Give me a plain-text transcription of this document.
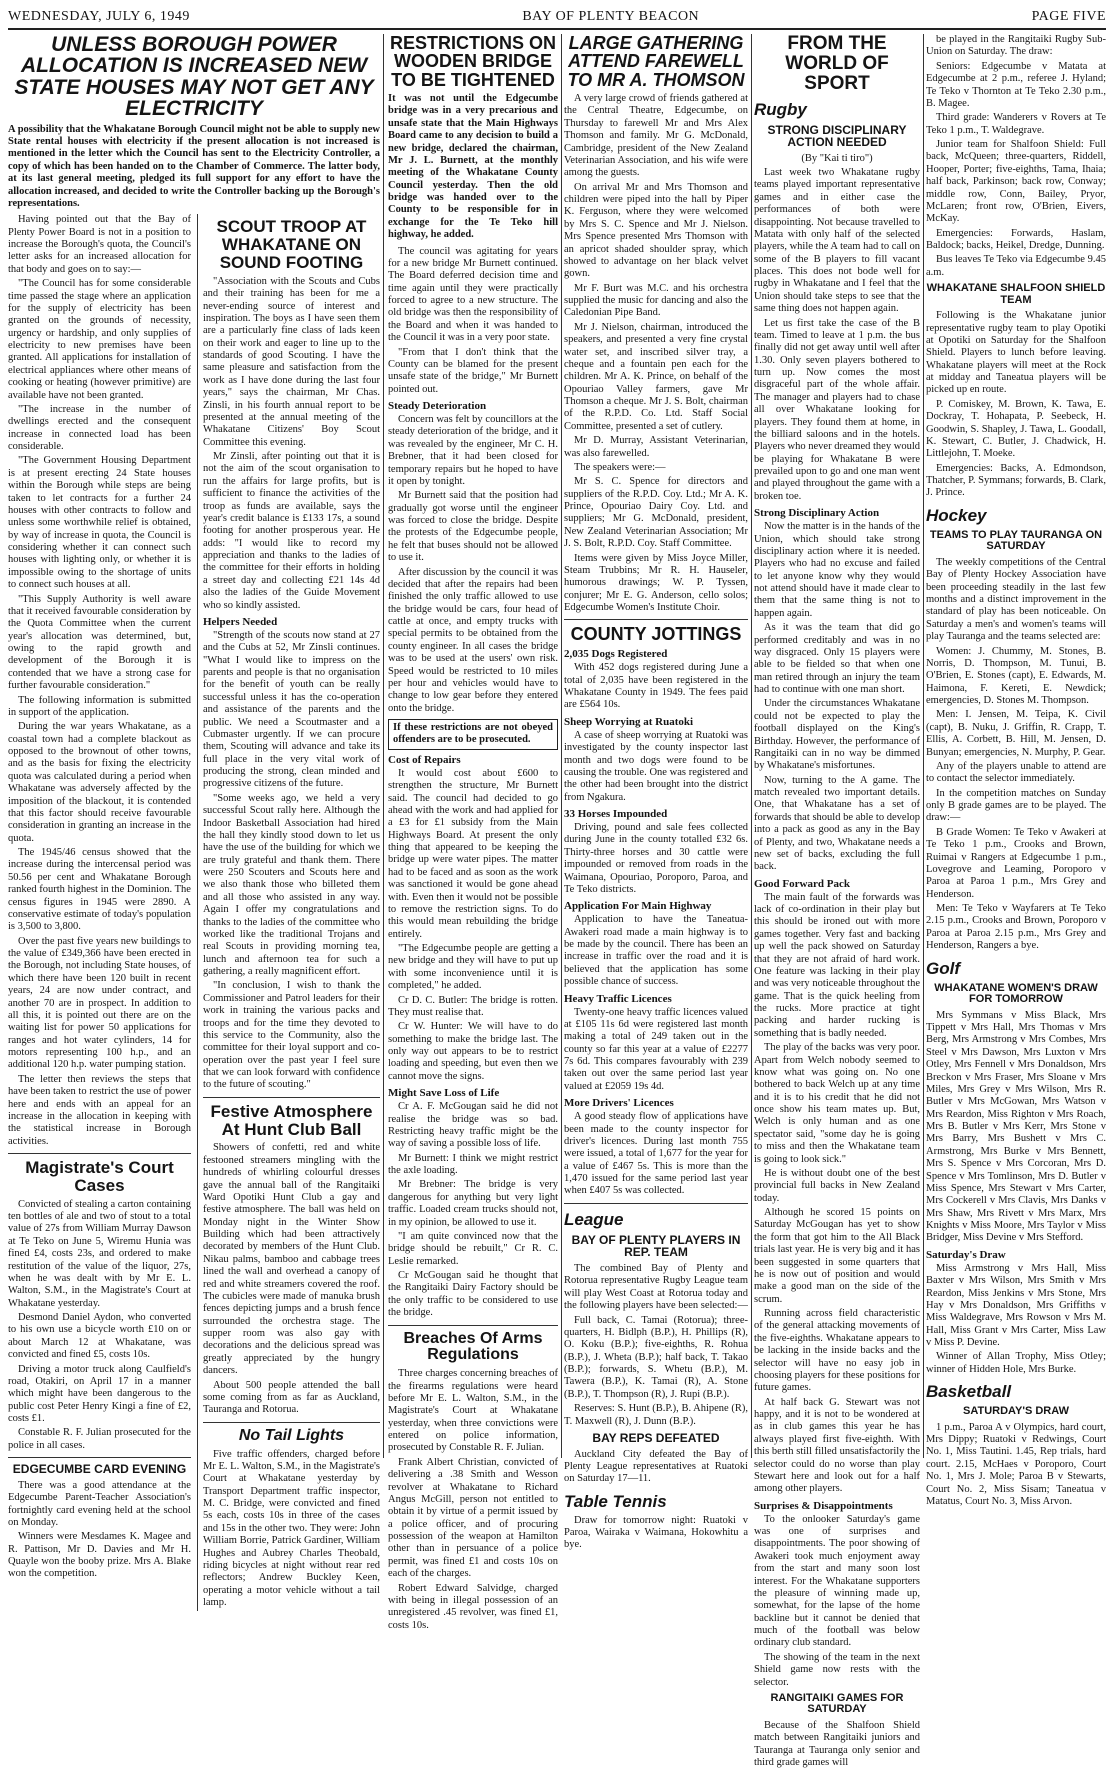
WEDNESDAY, JULY 6, 1949	BAY OF PLENTY BEACON	PAGE FIVE
UNLESS BOROUGH POWER ALLOCATION IS INCREASED NEW STATE HOUSES MAY NOT GET ANY ELECTRICITY
A possibility that the Whakatane Borough Council might not be able to supply new State rental houses with electricity if the present allocation is not increased is mentioned in the letter which the Council has sent to the Electricity Controller, a copy of which has been handed on to the Chamber of Commerce. The latter body, at its last general meeting, pledged its full support for any effort to have the allocation increased, and decided to write the Controller backing up the Borough's representations.

Having pointed out that the Bay of Plenty Power Board is not in a position to increase the Borough's quota, the Council's letter asks for an increased allocation for that body and goes on to say:—

"The Council has for some considerable time passed the stage where an application for the supply of electricity has been granted on the grounds of necessity, urgency or hardship, and only supplies of electricity to new premises have been granted. All applications for installation of electrical appliances where other means of cooking or heating (however primitive) are available have not been granted.

"The increase in the number of dwellings erected and the consequent increase in connected load has been considerable.

"The Government Housing Department is at present erecting 24 State houses within the Borough while steps are being taken to let contracts for a further 24 houses with other contracts to follow and unless some worthwhile relief is obtained, by way of increase in quota, the Council is considering whether it can connect such houses with lighting only, or whether it is impossible owing to the shortage of units to connect such houses at all.

"This Supply Authority is well aware that it received favourable consideration by the Quota Committee when the current year's allocation was determined, but, owing to the rapid growth and development of the Borough it is contended that we have a strong case for further favourable consideration."

The following information is submitted in support of the application.

During the war years Whakatane, as a coastal town had a complete blackout as opposed to the brownout of other towns, and as the basis for fixing the electricity quota was calculated during a period when Whakatane was adversely affected by the imposition of the blackout, it is contended that this factor should receive favourable consideration in granting an increase in the quota.

The 1945/46 census showed that the increase during the intercensal period was 50.56 per cent and Whakatane Borough ranked fourth highest in the Dominion. The census figures in 1945 were 2890. A conservative estimate of today's population is 3,500 to 3,800.

Over the past five years new buildings to the value of £349,366 have been erected in the Borough, not including State houses, of which there have been 120 built in recent years, 24 are now under contract, and another 70 are in prospect. In addition to all this, it is pointed out there are on the waiting list for power 50 applications for ranges and hot water cylinders, 14 for motors representing 100 h.p., and an additional 120 h.p. water pumping station.

The letter then reviews the steps that have been taken to restrict the use of power here and ends with an appeal for an increase in the allocation in keeping with the statistical increase in Borough activities.

Magistrate's Court Cases

Convicted of stealing a carton containing ten bottles of ale and two of stout to a total value of 27s from William Murray Dawson at Te Teko on June 5, Wiremu Hunia was fined £4, costs 23s, and ordered to make restitution of the value of the liquor, 27s, when he was dealt with by Mr E. L. Walton, S.M., in the Magistrate's Court at Whakatane yesterday.

Desmond Daniel Aydon, who converted to his own use a bicycle worth £10 on or about March 12 at Whakatane, was convicted and fined £5, costs 10s.

Driving a motor truck along Caulfield's road, Otakiri, on April 17 in a manner which might have been dangerous to the public cost Peter Henry Kingi a fine of £2, costs £1.

Constable R. F. Julian prosecuted for the police in all cases.

EDGECUMBE CARD EVENING

There was a good attendance at the Edgecumbe Parent-Teacher Association's fortnightly card evening held at the school on Monday.

Winners were Mesdames K. Magee and R. Pattison, Mr D. Davies and Mr H. Quayle won the booby prize. Mrs A. Blake won the competition.

SCOUT TROOP AT WHAKATANE ON SOUND FOOTING

"Association with the Scouts and Cubs and their training has been for me a never-ending source of interest and inspiration. The boys as I have seen them are a particularly fine class of lads keen on their work and eager to line up to the standards of good Scouting. I have the same pleasure and satisfaction from the work as I have done during the last four years," says the chairman, Mr Chas. Zinsli, in his fourth annual report to be presented at the annual meeting of the Whakatane Citizens' Boy Scout Committee this evening.

Mr Zinsli, after pointing out that it is not the aim of the scout organisation to run the affairs for large profits, but is sufficient to finance the activities of the troop as funds are available, says the year's credit balance is £133 17s, a sound footing for another prosperous year. He adds: "I would like to record my appreciation and thanks to the ladies of the committee for their efforts in holding a street day and collecting £21 14s 4d also the ladies of the Guide Movement who so kindly assisted.

Helpers Needed

"Strength of the scouts now stand at 27 and the Cubs at 52, Mr Zinsli continues. "What I would like to impress on the parents and people is that no organisation for the benefit of youth can be really successful unless it has the co-operation and assistance of the parents and the public. We need a Scoutmaster and a Cubmaster urgently. If we can procure them, Scouting will advance and take its full place in the very vital work of producing the strong, clean minded and progressive citizens of the future.

"Some weeks ago, we held a very successful Scout rally here. Although the Indoor Basketball Association had hired the hall they kindly stood down to let us have the use of the building for which we are truly grateful and thank them. There were 250 Scouters and Scouts here and we also thank those who billeted them and all those who assisted in any way. Again I offer my congratulations and thanks to the ladies of the committee who worked like the traditional Trojans and real Scouts in providing morning tea, lunch and afternoon tea for such a gathering, a really magnificent effort.

"In conclusion, I wish to thank the Commissioner and Patrol leaders for their work in training the various packs and troops and for the time they devoted to this service to the Community, also the committee for their loyal support and co-operation over the past year I feel sure that we can look forward with confidence to the future of scouting."

Festive Atmosphere At Hunt Club Ball

Showers of confetti, red and white festooned streamers mingling with the hundreds of whirling colourful dresses gave the annual ball of the Rangitaiki Ward Opotiki Hunt Club a gay and festive atmosphere. The ball was held on Monday night in the Winter Show Building which had been attractively decorated by members of the Hunt Club. Nikau palms, bamboo and cabbage trees lined the wall and overhead a canopy of red and white streamers covered the roof. The cubicles were made of manuka brush fences depicting jumps and a brush fence surrounded the orchestra stage. The supper room was also gay with decorations and the delicious spread was greatly appreciated by the hungry dancers.

About 500 people attended the ball some coming from as far as Auckland, Tauranga and Rotorua.

No Tail Lights

Five traffic offenders, charged before Mr E. L. Walton, S.M., in the Magistrate's Court at Whakatane yesterday by Transport Department traffic inspector, M. C. Bridge, were convicted and fined 5s each, costs 10s in three of the cases and 15s in the other two. They were: John William Borrie, Patrick Gardiner, William Hughes and Aubrey Charles Theobald, riding bicycles at night without rear red reflectors; Andrew Buckley Keen, operating a motor vehicle without a tail lamp.

RESTRICTIONS ON WOODEN BRIDGE TO BE TIGHTENED
It was not until the Edgecumbe bridge was in a very precarious and unsafe state that the Main Highways Board came to any decision to build a new bridge, declared the chairman, Mr J. L. Burnett, at the monthly meeting of the Whakatane County Council yesterday. Then the old bridge was handed over to the County to be responsible for in exchange for the Te Teko hill highway, he added.

The council was agitating for years for a new bridge Mr Burnett continued. The Board deferred decision time and time again until they were practically forced to agree to a new structure. The old bridge was then the responsibility of the Board and when it was handed to the Council it was in a very poor state.

"From that I don't think that the County can be blamed for the present unsafe state of the bridge," Mr Burnett pointed out.

Steady Deterioration

Concern was felt by councillors at the steady deterioration of the bridge, and it was revealed by the engineer, Mr C. H. Brebner, that it had been closed for temporary repairs but he hoped to have it open by tonight.

Mr Burnett said that the position had gradually got worse until the engineer was forced to close the bridge. Despite the protests of the Edgecumbe people, he felt that buses should not be allowed to use it.

After discussion by the council it was decided that after the repairs had been finished the only traffic allowed to use the bridge would be cars, four head of cattle at once, and empty trucks with special permits to be obtained from the county engineer. In all cases the bridge was to be used at the users' own risk. Speed would be restricted to 10 miles per hour and vehicles would have to change to low gear before they entered onto the bridge.

If these restrictions are not obeyed offenders are to be prosecuted.
Cost of Repairs

It would cost about £600 to strengthen the structure, Mr Burnett said. The council had decided to go ahead with the work and had applied for a £3 for £1 subsidy from the Main Highways Board. At present the only thing that appeared to be keeping the bridge up were water pipes. The matter had to be faced and as soon as the work was sanctioned it would be gone ahead with. Even then it would not be possible to remove the restriction signs. To do this would mean rebuilding the bridge entirely.

"The Edgecumbe people are getting a new bridge and they will have to put up with some inconvenience until it is completed," he added.

Cr D. C. Butler: The bridge is rotten. They must realise that.

Cr W. Hunter: We will have to do something to make the bridge last. The only way out appears to be to restrict loading and speeding, but even then we cannot move the signs.

Might Save Loss of Life

Cr A. F. McGougan said he did not realise the bridge was so bad. Restricting heavy traffic might be the way of saving a possible loss of life.

Mr Burnett: I think we might restrict the axle loading.

Mr Brebner: The bridge is very dangerous for anything but very light traffic. Loaded cream trucks should not, in my opinion, be allowed to use it.

"I am quite convinced now that the bridge should be rebuilt," Cr R. C. Leslie remarked.

Cr McGougan said he thought that the Rangitaiki Dairy Factory should be the only traffic to be considered to use the bridge.

Breaches Of Arms Regulations

Three charges concerning breaches of the firearms regulations were heard before Mr E. L. Walton, S.M., in the Magistrate's Court at Whakatane yesterday, when three convictions were entered on police information, prosecuted by Constable R. F. Julian.

Frank Albert Christian, convicted of delivering a .38 Smith and Wesson revolver at Whakatane to Richard Angus McGill, person not entitled to obtain it by virtue of a permit issued by a police officer, and of procuring possession of the weapon at Hamilton other than in persuance of a police permit, was fined £1 and costs 10s on each of the charges.

Robert Edward Salvidge, charged with being in illegal possession of an unregistered .45 revolver, was fined £1, costs 10s.

LARGE GATHERING ATTEND FAREWELL TO MR A. THOMSON

A very large crowd of friends gathered at the Central Theatre, Edgecumbe, on Thursday to farewell Mr and Mrs Alex Thomson and family. Mr G. McDonald, Cambridge, president of the New Zealand Veterinarian Association, and his wife were among the guests.

On arrival Mr and Mrs Thomson and children were piped into the hall by Piper K. Ferguson, where they were welcomed by Mrs S. C. Spence and Mr J. Nielson. Mrs Spence presented Mrs Thomson with an apricot shaded shoulder spray, which showed to advantage on her black velvet gown.

Mr F. Burt was M.C. and his orchestra supplied the music for dancing and also the Caledonian Pipe Band.

Mr J. Nielson, chairman, introduced the speakers, and presented a very fine crystal water set, and inscribed silver tray, a cheque and a fountain pen each for the children. Mr A. K. Prince, on behalf of the Opouriao Valley farmers, gave Mr Thomson a cheque. Mr J. S. Bolt, chairman of the R.P.D. Co. Ltd. Staff Social Committee, presented a set of cutlery.

Mr D. Murray, Assistant Veterinarian, was also farewelled.

The speakers were:—

Mr S. C. Spence for directors and suppliers of the R.P.D. Coy. Ltd.; Mr A. K. Prince, Opouriao Dairy Coy. Ltd. and suppliers; Mr G. McDonald, president, New Zealand Veterinarian Association; Mr J. S. Bolt, R.P.D. Coy. Staff Committee.

Items were given by Miss Joyce Miller, Steam Trubbins; Mr R. H. Hauseler, humorous drawings; W. P. Tyssen, conjurer; Mr E. G. Anderson, cello solos; Edgecumbe Women's Institute Choir.

COUNTY JOTTINGS
2,035 Dogs Registered

With 452 dogs registered during June a total of 2,035 have been registered in the Whakatane County in 1949. The fees paid are £564 10s.

Sheep Worrying at Ruatoki

A case of sheep worrying at Ruatoki was investigated by the county inspector last month and two dogs were found to be causing the trouble. One was registered and the other had been brought into the district from Ngakura.

33 Horses Impounded

Driving, pound and sale fees collected during June in the county totalled £32 6s. Thirty-three horses and 30 cattle were impounded or removed from roads in the Waimana, Opouriao, Poroporo, Paroa, and Te Teko districts.

Application For Main Highway

Application to have the Taneatua-Awakeri road made a main highway is to be made by the council. There has been an increase in traffic over the road and it is believed that the application has some possible chance of success.

Heavy Traffic Licences

Twenty-one heavy traffic licences valued at £105 11s 6d were registered last month making a total of 249 taken out in the county so far this year at a value of £2277 7s 6d. This compares favourably with 239 taken out over the same period last year valued at £2059 19s 4d.

More Drivers' Licences

A good steady flow of applications have been made to the county inspector for driver's licences. During last month 755 were issued, a total of 1,677 for the year for a value of £467 5s. This is more than the 1,470 issued for the same period last year when £407 5s was collected.

League
BAY OF PLENTY PLAYERS IN REP. TEAM

The combined Bay of Plenty and Rotorua representative Rugby League team will play West Coast at Rotorua today and the following players have been selected:—

Full back, C. Tamai (Rotorua); three-quarters, H. Bidlph (B.P.), H. Phillips (R), O. Koku (B.P.); five-eighths, R. Rohua (B.P.), J. Wheta (B.P.); half back, T. Takao (B.P.); forwards, S. Whetu (B.P.), M. Tawera (B.P.), K. Tamai (R), A. Stone (B.P.), T. Thompson (R), J. Rupi (B.P.).

Reserves: S. Hunt (B.P.), B. Ahipene (R), T. Maxwell (R), J. Dunn (B.P.).

BAY REPS DEFEATED

Auckland City defeated the Bay of Plenty League representatives at Ruatoki on Saturday 17—11.

Table Tennis

Draw for tomorrow night: Ruatoki v Paroa, Wairaka v Waimana, Hokowhitu a bye.

FROM THE WORLD OF SPORT
Rugby
STRONG DISCIPLINARY ACTION NEEDED
(By "Kai ti tiro")

Last week two Whakatane rugby teams played important representative games and in either case the performances of both were disappointing. Not because travelled to Matata with only half of the selected players, while the A team had to call on some of the B players to fill vacant places. This does not bode well for rugby in Whakatane and I feel that the Union should take steps to see that the same thing does not happen again.

Let us first take the case of the B team. Timed to leave at 1 p.m. the bus finally did not get away until well after 1.30. Only seven players bothered to turn up. Now comes the most disgraceful part of the whole affair. The manager and players had to chase all over Whakatane looking for players. They found them at home, in the billiard saloons and in the hotels. Players who never dreamed they would be playing for Whakatane B were prevailed upon to go and one man went and played throughout the game with a broken toe.

Strong Disciplinary Action

Now the matter is in the hands of the Union, which should take strong disciplinary action where it is needed. Players who had no excuse and failed to let anyone know why they would not attend should have it made clear to them that the same thing is not to happen again.

As it was the team that did go performed creditably and was in no way disgraced. Only 15 players were able to be fielded so that when one man retired through an injury the team had to continue with one man short.

Under the circumstances Whakatane could not be expected to play the football displayed on the King's Birthday. However, the performance of Rangitaiki can in no way be dimmed by Whakatane's misfortunes.

Now, turning to the A game. The match revealed two important details. One, that Whakatane has a set of forwards that should be able to develop into a pack as good as any in the Bay of Plenty, and two, Whakatane needs a new set of backs, excluding the full back.

Good Forward Pack

The main fault of the forwards was lack of co-ordination in their play but this should be ironed out with more games together. Very fast and backing up well the pack showed on Saturday that they are not afraid of hard work. One feature was lacking in their play and was very noticeable throughout the game. That is the quick heeling from the rucks. More practice at tight packing and harder rucking is something that is badly needed.

The play of the backs was very poor. Apart from Welch nobody seemed to know what was going on. No one bothered to back Welch up at any time and it is to his credit that he did not once show his team mates up. But, Welch is only human and as one spectator said, "some day he is going to miss and then the Whakatane team is going to look sick."

He is without doubt one of the best provincial full backs in New Zealand today.

Although he scored 15 points on Saturday McGougan has yet to show the form that got him to the All Black trials last year. He is very big and it has been suggested in some quarters that he is now out of position and would make a good man on the side of the scrum.

Running across field characteristic of the general attacking movements of the five-eighths. Whakatane appears to be lacking in the inside backs and the selector will have no easy job in choosing players for these positions for future games.

At half back G. Stewart was not happy, and it is not to be wondered at as in club games this year he has always played first five-eighth. With this berth still filled unsatisfactorily the selector could do no worse than play Stewart here and look out for a half among other players.

Surprises & Disappointments

To the onlooker Saturday's game was one of surprises and disappointments. The poor showing of Awakeri took much enjoyment away from the start and many soon lost interest. For the Whakatane supporters the pleasure of winning made up, somewhat, for the lapse of the home backline but it cannot be denied that much of the football was below ordinary club standard.

The showing of the team in the next Shield game now rests with the selector.

RANGITAIKI GAMES FOR SATURDAY

Because of the Shalfoon Shield match between Rangitaiki juniors and Tauranga at Tauranga only senior and third grade games will

be played in the Rangitaiki Rugby Sub-Union on Saturday. The draw:

Seniors: Edgecumbe v Matata at Edgecumbe at 2 p.m., referee J. Hyland; Te Teko v Thornton at Te Teko 2.30 p.m., B. Magee.

Third grade: Wanderers v Rovers at Te Teko 1 p.m., T. Waldegrave.

Junior team for Shalfoon Shield: Full back, McQueen; three-quarters, Riddell, Hooper, Porter; five-eighths, Tama, Ihaia; half back, Parkinson; back row, Conway; middle row, Conn, Bailey, Pryor, McLaren; front row, O'Brien, Eivers, McKay.

Emergencies: Forwards, Haslam, Baldock; backs, Heikel, Dredge, Dunning.

Bus leaves Te Teko via Edgecumbe 9.45 a.m.

WHAKATANE SHALFOON SHIELD TEAM

Following is the Whakatane junior representative rugby team to play Opotiki at Opotiki on Saturday for the Shalfoon Shield. Players to lunch before leaving. Whakatane players will meet at the Rock at midday and Taneatua players will be picked up en route.

P. Comiskey, M. Brown, K. Tawa, E. Dockray, T. Hohapata, P. Seebeck, H. Goodwin, S. Shapley, J. Tawa, L. Goodall, K. Stewart, C. Butler, J. Chadwick, H. Littlejohn, T. Moeke.

Emergencies: Backs, A. Edmondson, Thatcher, P. Symmans; forwards, B. Clark, J. Prince.

Hockey
TEAMS TO PLAY TAURANGA ON SATURDAY

The weekly competitions of the Central Bay of Plenty Hockey Association have been proceeding steadily in the last few months and a distinct improvement in the standard of play has been noticeable. On Saturday a men's and women's teams will play Tauranga and the teams selected are:

Women: J. Chummy, M. Stones, B. Norris, D. Thompson, M. Tunui, B. O'Brien, E. Stones (capt), E. Edwards, M. Haimona, F. Kereti, E. Newdick; emergencies, D. Stones M. Thompson.

Men: I. Jensen, M. Teipa, K. Civil (capt), B. Nuku, J. Griffin, R. Crapp, T. Ellis, A. Corbett, B. Hill, M. Jensen, D. Bunyan; emergencies, N. Murphy, P. Gear.

Any of the players unable to attend are to contact the selector immediately.

In the competition matches on Sunday only B grade games are to be played. The draw:—

B Grade Women: Te Teko v Awakeri at Te Teko 1 p.m., Crooks and Brown, Ruimai v Rangers at Edgecumbe 1 p.m., Lovegrove and Leaming, Poroporo v Paroa at Paroa 1 p.m., Mrs Grey and Henderson.

Men: Te Teko v Wayfarers at Te Teko 2.15 p.m., Crooks and Brown, Poroporo v Paroa at Paroa 2.15 p.m., Mrs Grey and Henderson, Rangers a bye.

Golf
WHAKATANE WOMEN'S DRAW FOR TOMORROW

Mrs Symmans v Miss Black, Mrs Tippett v Mrs Hall, Mrs Thomas v Mrs Berg, Mrs Armstrong v Mrs Combes, Mrs Steel v Mrs Dawson, Mrs Luxton v Mrs Otley, Mrs Fennell v Mrs Donaldson, Mrs Breckon v Mrs Fraser, Mrs Sloane v Mrs Miles, Mrs Grey v Mrs Wilson, Mrs R. Butler v Mrs McGowan, Mrs Watson v Mrs Reardon, Miss Righton v Mrs Roach, Mrs B. Butler v Mrs Kerr, Mrs Stone v Mrs Barry, Mrs Bushett v Mrs C. Armstrong, Mrs Burke v Mrs Bennett, Mrs S. Spence v Mrs Corcoran, Mrs D. Spence v Mrs Tomlinson, Mrs D. Butler v Miss Spence, Mrs Stewart v Mrs Carter, Mrs Cockerell v Mrs Clavis, Mrs Danks v Mrs Shaw, Mrs Rivett v Mrs Marx, Mrs Knights v Miss Moore, Mrs Taylor v Miss Bridger, Miss Devine v Mrs Stefford.

Saturday's Draw

Miss Armstrong v Mrs Hall, Miss Baxter v Mrs Wilson, Mrs Smith v Mrs Reardon, Miss Jenkins v Mrs Stone, Mrs Hay v Mrs Donaldson, Mrs Griffiths v Miss Waldegrave, Mrs Rowson v Mrs M. Hall, Miss Grant v Mrs Carter, Miss Law v Miss P. Devine.

Winner of Allan Trophy, Miss Otley; winner of Hidden Hole, Mrs Burke.

Basketball
SATURDAY'S DRAW

1 p.m., Paroa A v Olympics, hard court, Mrs Dippy; Ruatoki v Redwings, Court No. 1, Miss Tautini. 1.45, Rep trials, hard court. 2.15, McHaes v Poroporo, Court No. 1, Mrs J. Mole; Paroa B v Stewarts, Court No. 2, Miss Sisam; Taneatua v Matatus, Court No. 3, Miss Arvon.
